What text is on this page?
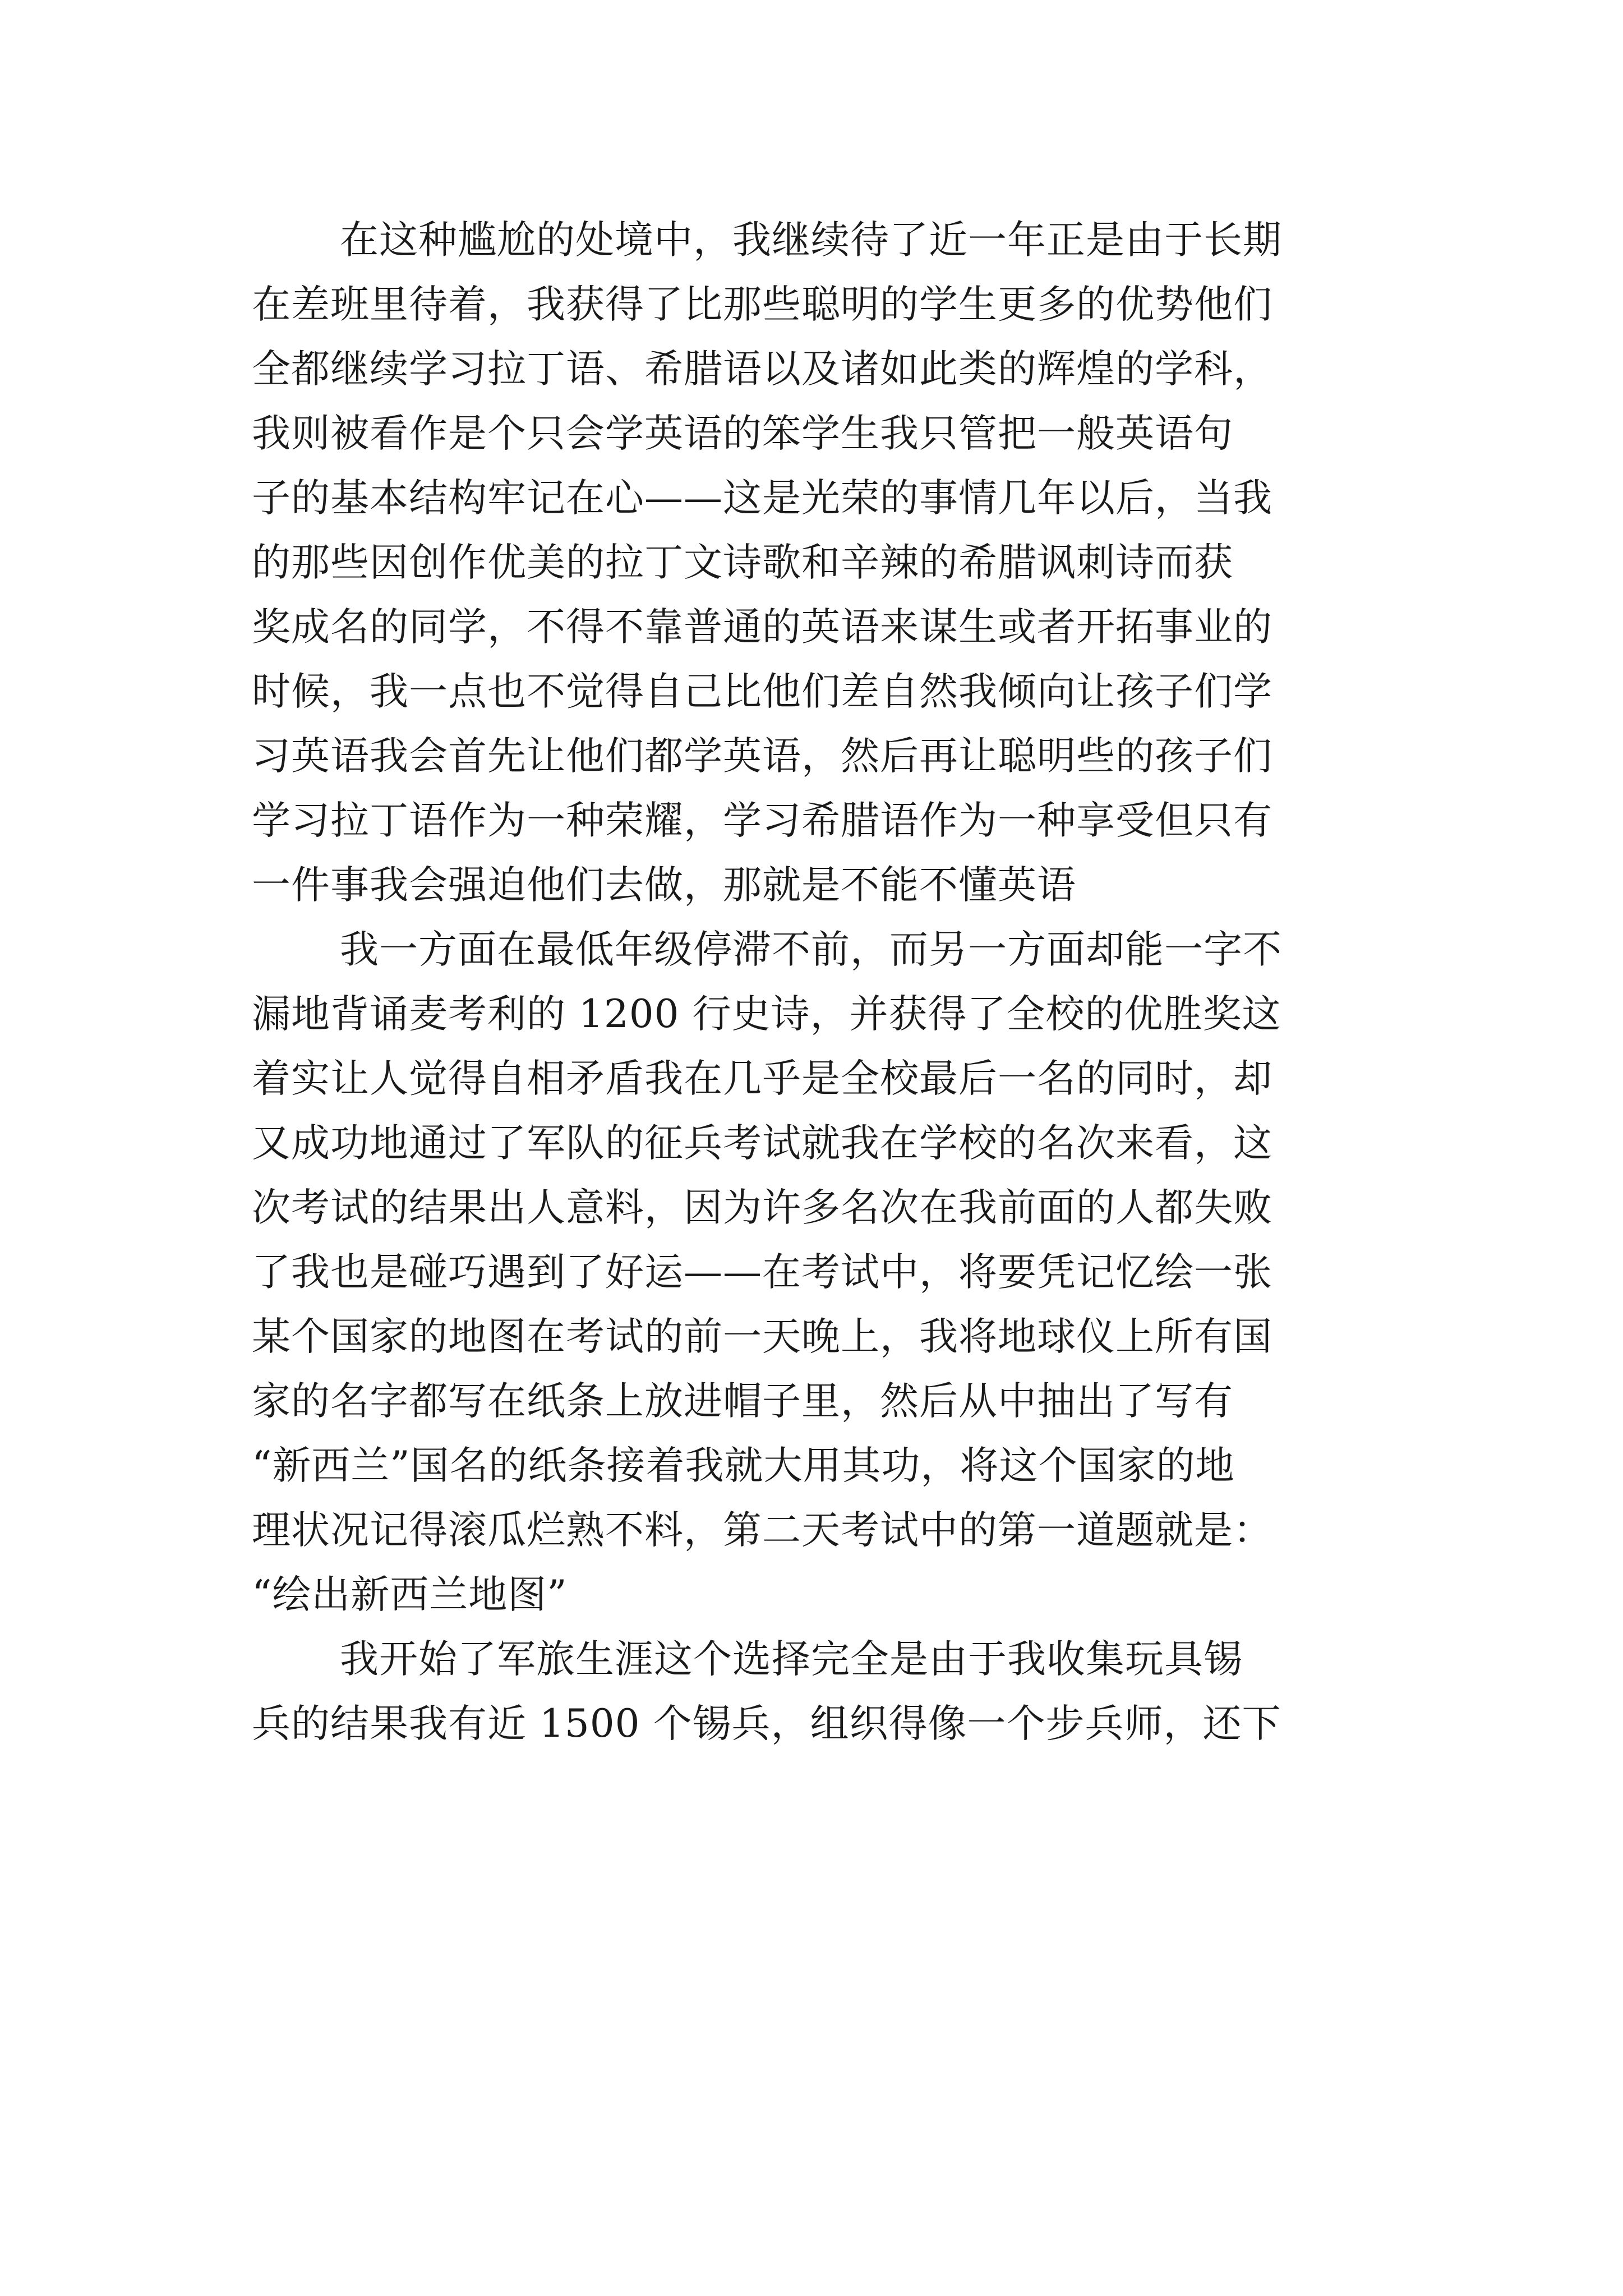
在这种尴尬的处境中，我继续待了近一年正是由于长期
在差班里待着，我获得了比那些聪明的学生更多的优势他们
全都继续学习拉丁语、希腊语以及诸如此类的辉煌的学科，
我则被看作是个只会学英语的笨学生我只管把一般英语句
子的基本结构牢记在心——这是光荣的事情几年以后，当我
的那些因创作优美的拉丁文诗歌和辛辣的希腊讽刺诗而获
奖成名的同学，不得不靠普通的英语来谋生或者开拓事业的
时候，我一点也不觉得自己比他们差自然我倾向让孩子们学
习英语我会首先让他们都学英语，然后再让聪明些的孩子们
学习拉丁语作为一种荣耀，学习希腊语作为一种享受但只有
一件事我会强迫他们去做，那就是不能不懂英语

我一方面在最低年级停滞不前，而另一方面却能一字不
漏地背诵麦考利的 1200 行史诗，并获得了全校的优胜奖这
着实让人觉得自相矛盾我在几乎是全校最后一名的同时，却
又成功地通过了军队的征兵考试就我在学校的名次来看，这
次考试的结果出人意料，因为许多名次在我前面的人都失败
了我也是碰巧遇到了好运——在考试中，将要凭记忆绘一张
某个国家的地图在考试的前一天晚上，我将地球仪上所有国
家的名字都写在纸条上放进帽子里，然后从中抽出了写有
“新西兰”国名的纸条接着我就大用其功，将这个国家的地
理状况记得滚瓜烂熟不料，第二天考试中的第一道题就是：
“绘出新西兰地图”

我开始了军旅生涯这个选择完全是由于我收集玩具锡
兵的结果我有近 1500 个锡兵，组织得像一个步兵师，还下
